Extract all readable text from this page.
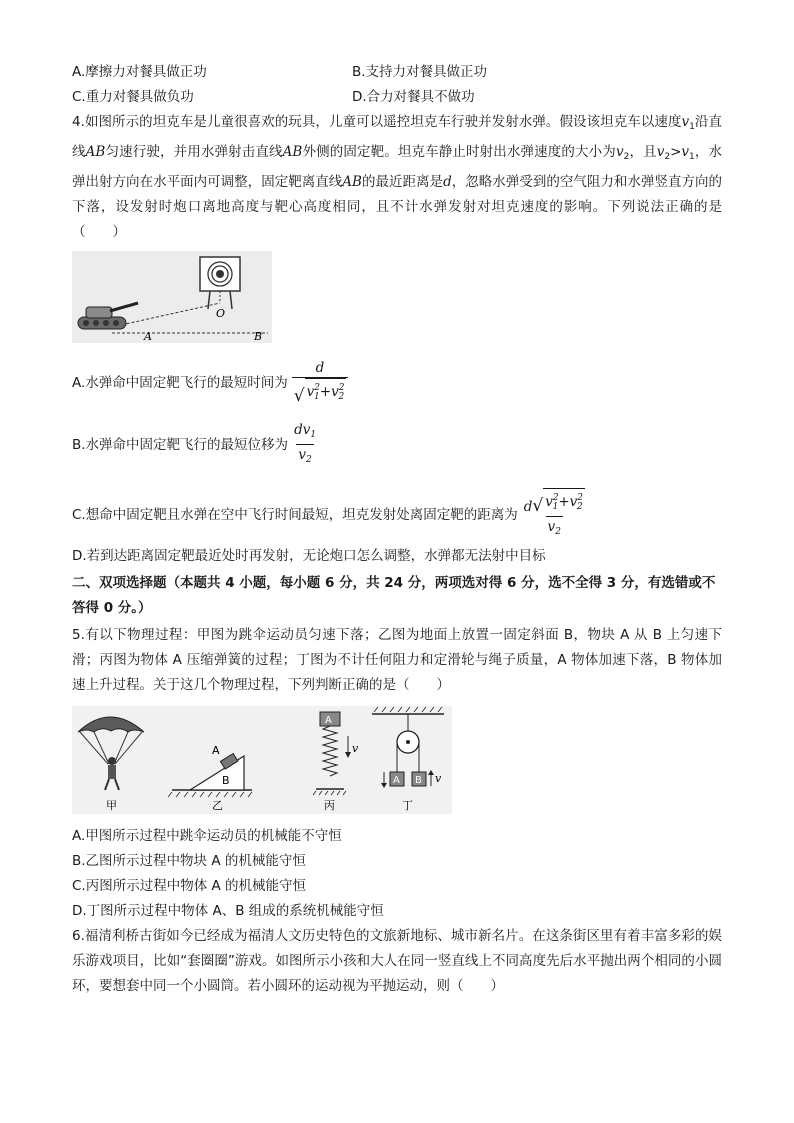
A.摩擦力对餐具做正功	B.支持力对餐具做正功
C.重力对餐具做负功	D.合力对餐具不做功
4.如图所示的坦克车是儿童很喜欢的玩具，儿童可以遥控坦克车行驶并发射水弹。假设该坦克车以速度$v_1$沿直线AB匀速行驶，并用水弹射击直线AB外侧的固定靶。坦克车静止时射出水弹速度的大小为$v_2$，且$v_2>v_1$，水弹出射方向在水平面内可调整，固定靶离直线AB的最近距离是d，忽略水弹受到的空气阻力和水弹竖直方向的下落，设发射时炮口离地高度与靶心高度相同，且不计水弹发射对坦克速度的影响。下列说法正确的是（　　）
O
A	B
A.水弹命中固定靶飞行的最短时间为 $\frac{d}{√ v^2_1+v^2_2}$
B.水弹命中固定靶飞行的最短位移为 $\frac{dv_1}{v_2}$
C.想命中固定靶且水弹在空中飞行时间最短，坦克发射处离固定靶的距离为 $\frac{d √ v^2_1+v^2_2}{v_2}$
D.若到达距离固定靶最近处时再发射，无论炮口怎么调整，水弹都无法射中目标
二、双项选择题（本题共 4 小题，每小题 6 分，共 24 分，两项选对得 6 分，选不全得 3 分，有选错或不答得 0 分。）
5.有以下物理过程：甲图为跳伞运动员匀速下落；乙图为地面上放置一固定斜面 B，物块 A 从 B 上匀速下滑；丙图为物体 A 压缩弹簧的过程；丁图为不计任何阻力和定滑轮与绳子质量，A 物体加速下落，B 物体加速上升过程。关于这几个物理过程，下列判断正确的是（　　）
甲
A
B
乙
A
v
丙
A B v
丁
A.甲图所示过程中跳伞运动员的机械能不守恒
B.乙图所示过程中物块 A 的机械能守恒
C.丙图所示过程中物体 A 的机械能守恒
D.丁图所示过程中物体 A、B 组成的系统机械能守恒
6.福清利桥古街如今已经成为福清人文历史特色的文旅新地标、城市新名片。在这条街区里有着丰富多彩的娱乐游戏项目，比如“套圈圈”游戏。如图所示小孩和大人在同一竖直线上不同高度先后水平抛出两个相同的小圆环，要想套中同一个小圆筒。若小圆环的运动视为平抛运动，则（　　）
